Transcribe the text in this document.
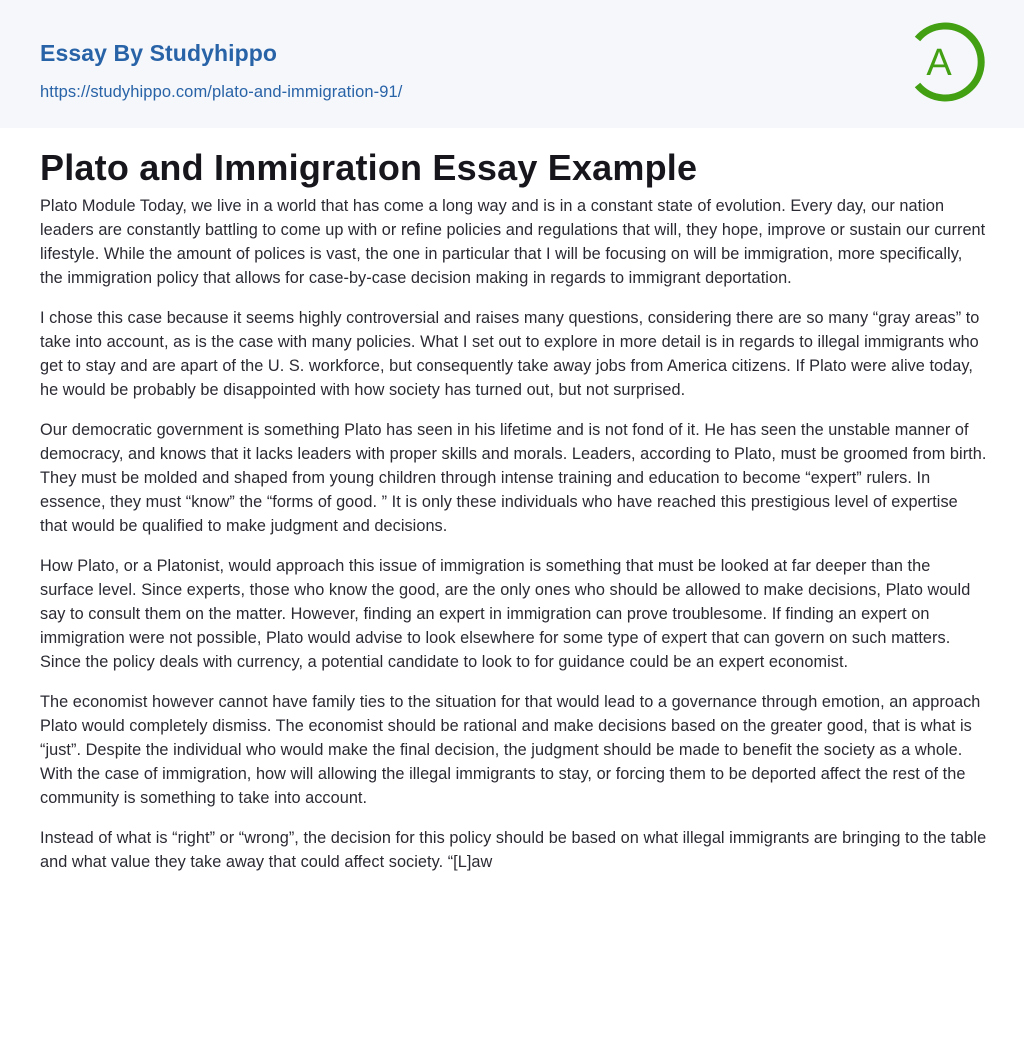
Essay By Studyhippo
https://studyhippo.com/plato-and-immigration-91/
A
Plato and Immigration Essay Example

Plato Module Today, we live in a world that has come a long way and is in a constant state of evolution. Every day, our nation leaders are constantly battling to come up with or refine policies and regulations that will, they hope, improve or sustain our current lifestyle. While the amount of polices is vast, the one in particular that I will be focusing on will be immigration, more specifically, the immigration policy that allows for case-by-case decision making in regards to immigrant deportation.

I chose this case because it seems highly controversial and raises many questions, considering there are so many “gray areas” to take into account, as is the case with many policies. What I set out to explore in more detail is in regards to illegal immigrants who get to stay and are apart of the U. S. workforce, but consequently take away jobs from America citizens. If Plato were alive today, he would be probably be disappointed with how society has turned out, but not surprised.

Our democratic government is something Plato has seen in his lifetime and is not fond of it. He has seen the unstable manner of democracy, and knows that it lacks leaders with proper skills and morals. Leaders, according to Plato, must be groomed from birth. They must be molded and shaped from young children through intense training and education to become “expert” rulers. In essence, they must “know” the “forms of good. ” It is only these individuals who have reached this prestigious level of expertise that would be qualified to make judgment and decisions.

How Plato, or a Platonist, would approach this issue of immigration is something that must be looked at far deeper than the surface level. Since experts, those who know the good, are the only ones who should be allowed to make decisions, Plato would say to consult them on the matter. However, finding an expert in immigration can prove troublesome. If finding an expert on immigration were not possible, Plato would advise to look elsewhere for some type of expert that can govern on such matters. Since the policy deals with currency, a potential candidate to look to for guidance could be an expert economist.

The economist however cannot have family ties to the situation for that would lead to a governance through emotion, an approach Plato would completely dismiss. The economist should be rational and make decisions based on the greater good, that is what is “just”. Despite the individual who would make the final decision, the judgment should be made to benefit the society as a whole. With the case of immigration, how will allowing the illegal immigrants to stay, or forcing them to be deported affect the rest of the community is something to take into account.

Instead of what is “right” or “wrong”, the decision for this policy should be based on what illegal immigrants are bringing to the table and what value they take away that could affect society. “[L]aw
